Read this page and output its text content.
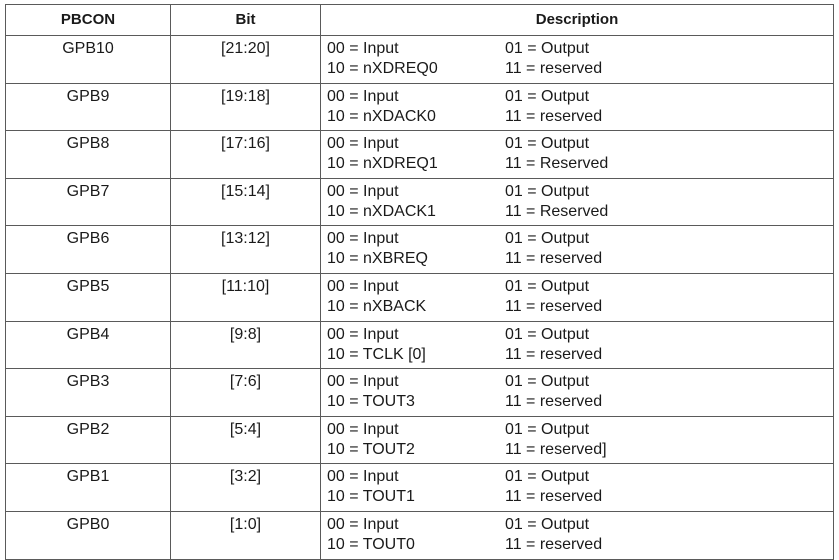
PBCON	Bit	Description
GPB10	[21:20]	00 = Input	01 = Output
10 = nXDREQ0	11 = reserved
GPB9	[19:18]	00 = Input	01 = Output
10 = nXDACK0	11 = reserved
GPB8	[17:16]	00 = Input	01 = Output
10 = nXDREQ1	11 = Reserved
GPB7	[15:14]	00 = Input	01 = Output
10 = nXDACK1	11 = Reserved
GPB6	[13:12]	00 = Input	01 = Output
10 = nXBREQ	11 = reserved
GPB5	[11:10]	00 = Input	01 = Output
10 = nXBACK	11 = reserved
GPB4	[9:8]	00 = Input	01 = Output
10 = TCLK [0]	11 = reserved
GPB3	[7:6]	00 = Input	01 = Output
10 = TOUT3	11 = reserved
GPB2	[5:4]	00 = Input	01 = Output
10 = TOUT2	11 = reserved]
GPB1	[3:2]	00 = Input	01 = Output
10 = TOUT1	11 = reserved
GPB0	[1:0]	00 = Input	01 = Output
10 = TOUT0	11 = reserved
